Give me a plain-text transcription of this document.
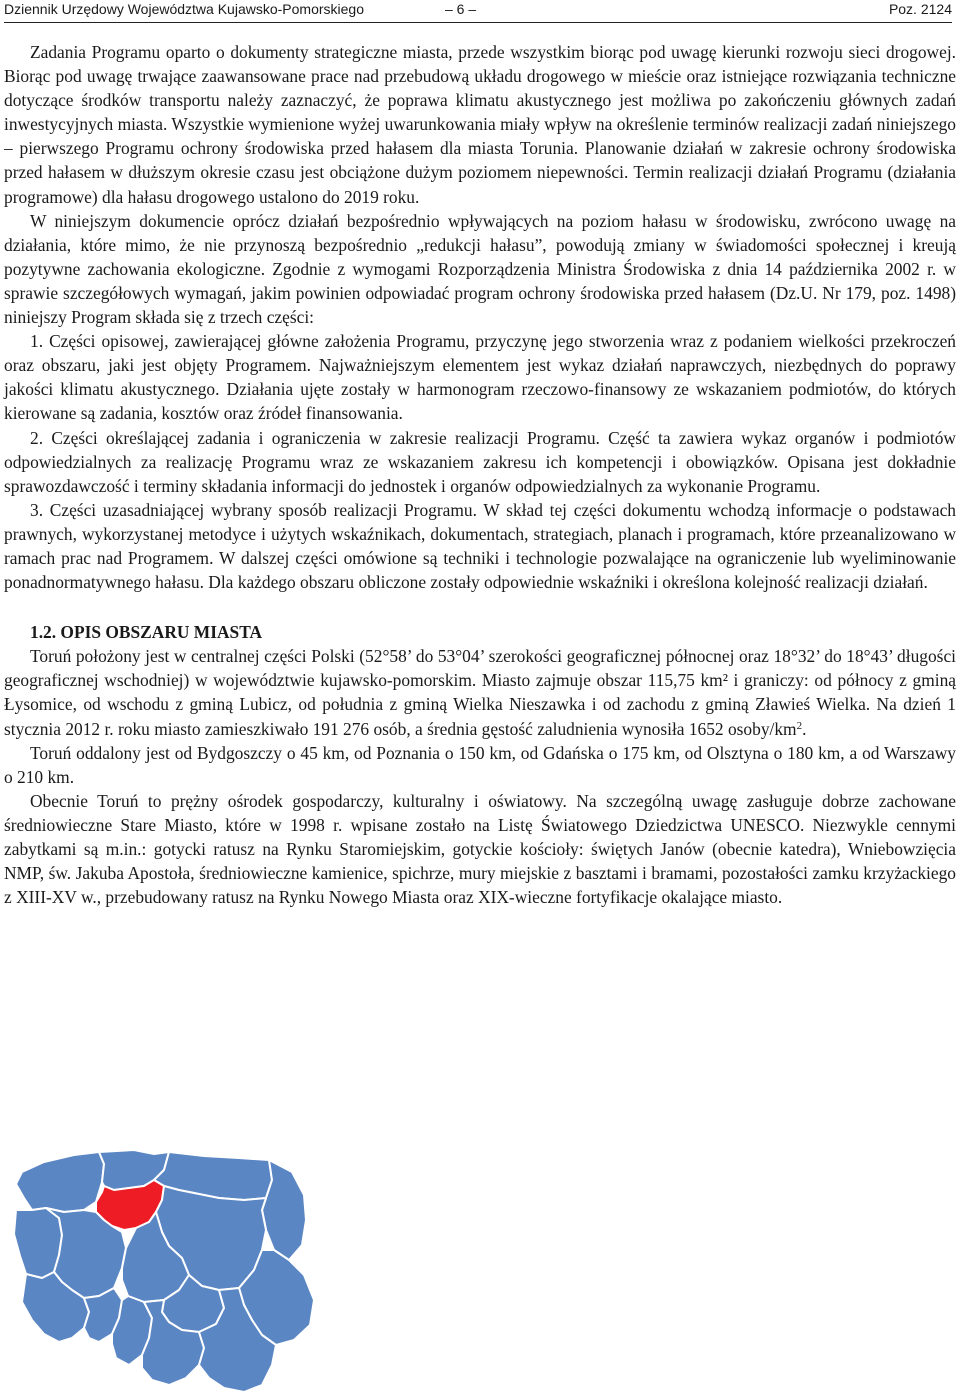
Dziennik Urzędowy Województwa Kujawsko-Pomorskiego	– 6 –	Poz. 2124

Zadania Programu oparto o dokumenty strategiczne miasta, przede wszystkim biorąc pod uwagę kierunki rozwoju sieci drogowej. Biorąc pod uwagę trwające zaawansowane prace nad przebudową układu drogowego w mieście oraz istniejące rozwiązania techniczne dotyczące środków transportu należy zaznaczyć, że poprawa klimatu akustycznego jest możliwa po zakończeniu głównych zadań inwestycyjnych miasta. Wszystkie wymienione wyżej uwarunkowania miały wpływ na określenie terminów realizacji zadań niniejszego – pierwszego Programu ochrony środowiska przed hałasem dla miasta Torunia. Planowanie działań w zakresie ochrony środowiska przed hałasem w dłuższym okresie czasu jest obciążone dużym poziomem niepewności. Termin realizacji działań Programu (działania programowe) dla hałasu drogowego ustalono do 2019 roku.

W niniejszym dokumencie oprócz działań bezpośrednio wpływających na poziom hałasu w środowisku, zwrócono uwagę na działania, które mimo, że nie przynoszą bezpośrednio „redukcji hałasu”, powodują zmiany w świadomości społecznej i kreują pozytywne zachowania ekologiczne. Zgodnie z wymogami Rozporządzenia Ministra Środowiska z dnia 14 października 2002 r. w sprawie szczegółowych wymagań, jakim powinien odpowiadać program ochrony środowiska przed hałasem (Dz.U. Nr 179, poz. 1498) niniejszy Program składa się z trzech części:

1. Części opisowej, zawierającej główne założenia Programu, przyczynę jego stworzenia wraz z podaniem wielkości przekroczeń oraz obszaru, jaki jest objęty Programem. Najważniejszym elementem jest wykaz działań naprawczych, niezbędnych do poprawy jakości klimatu akustycznego. Działania ujęte zostały w harmonogram rzeczowo-finansowy ze wskazaniem podmiotów, do których kierowane są zadania, kosztów oraz źródeł finansowania.

2. Części określającej zadania i ograniczenia w zakresie realizacji Programu. Część ta zawiera wykaz organów i podmiotów odpowiedzialnych za realizację Programu wraz ze wskazaniem zakresu ich kompetencji i obowiązków. Opisana jest dokładnie sprawozdawczość i terminy składania informacji do jednostek i organów odpowiedzialnych za wykonanie Programu.

3. Części uzasadniającej wybrany sposób realizacji Programu. W skład tej części dokumentu wchodzą informacje o podstawach prawnych, wykorzystanej metodyce i użytych wskaźnikach, dokumentach, strategiach, planach i programach, które przeanalizowano w ramach prac nad Programem. W dalszej części omówione są techniki i technologie pozwalające na ograniczenie lub wyeliminowanie ponadnormatywnego hałasu. Dla każdego obszaru obliczone zostały odpowiednie wskaźniki i określona kolejność realizacji działań.

1.2. OPIS OBSZARU MIASTA

Toruń położony jest w centralnej części Polski (52°58’ do 53°04’ szerokości geograficznej północnej oraz 18°32’ do 18°43’ długości geograficznej wschodniej) w województwie kujawsko-pomorskim. Miasto zajmuje obszar 115,75 km² i graniczy: od północy z gminą Łysomice, od wschodu z gminą Lubicz, od południa z gminą Wielka Nieszawka i od zachodu z gminą Zławieś Wielka. Na dzień 1 stycznia 2012 r. roku miasto zamieszkiwało 191 276 osób, a średnia gęstość zaludnienia wynosiła 1652 osoby/$km^2$.

Toruń oddalony jest od Bydgoszczy o 45 km, od Poznania o 150 km, od Gdańska o 175 km, od Olsztyna o 180 km, a od Warszawy o 210 km.

Obecnie Toruń to prężny ośrodek gospodarczy, kulturalny i oświatowy. Na szczególną uwagę zasługuje dobrze zachowane średniowieczne Stare Miasto, które w 1998 r. wpisane zostało na Listę Światowego Dziedzictwa UNESCO. Niezwykle cennymi zabytkami są m.in.: gotycki ratusz na Rynku Staromiejskim, gotyckie kościoły: świętych Janów (obecnie katedra), Wniebowzięcia NMP, św. Jakuba Apostoła, średniowieczne kamienice, spichrze, mury miejskie z basztami i bramami, pozostałości zamku krzyżackiego z XIII-XV w., przebudowany ratusz na Rynku Nowego Miasta oraz XIX-wieczne fortyfikacje okalające miasto.
